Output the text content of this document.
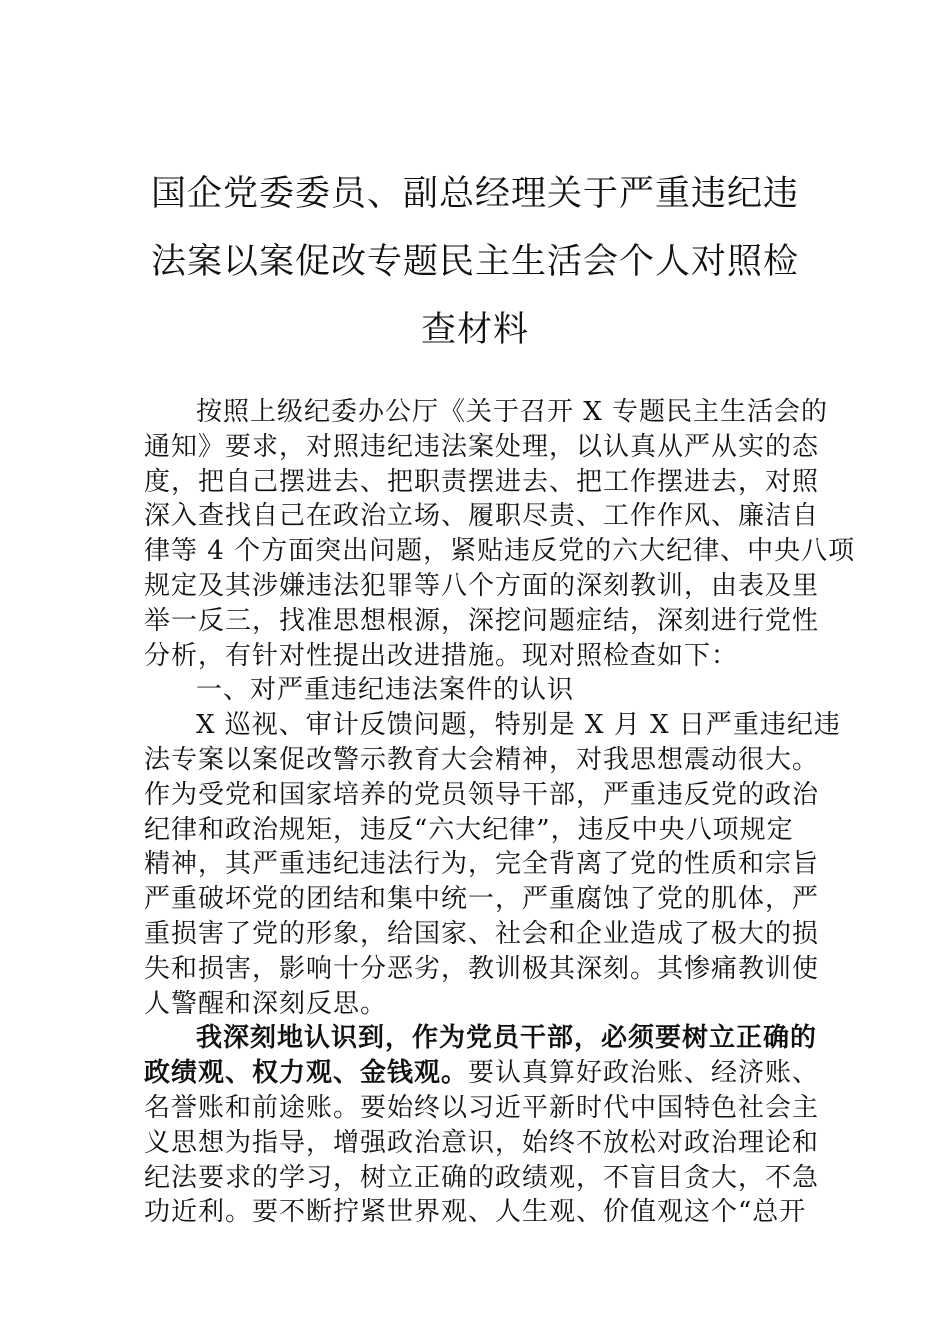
国企党委委员、副总经理关于严重违纪违
法案以案促改专题民主生活会个人对照检
查材料
按照上级纪委办公厅《关于召开 X 专题民主生活会的
通知》要求，对照违纪违法案处理，以认真从严从实的态
度，把自己摆进去、把职责摆进去、把工作摆进去，对照
深入查找自己在政治立场、履职尽责、工作作风、廉洁自
律等 4 个方面突出问题，紧贴违反党的六大纪律、中央八项
规定及其涉嫌违法犯罪等八个方面的深刻教训，由表及里
举一反三，找准思想根源，深挖问题症结，深刻进行党性
分析，有针对性提出改进措施。现对照检查如下：
一、对严重违纪违法案件的认识
X 巡视、审计反馈问题，特别是 X 月 X 日严重违纪违
法专案以案促改警示教育大会精神，对我思想震动很大。
作为受党和国家培养的党员领导干部，严重违反党的政治
纪律和政治规矩，违反“六大纪律”，违反中央八项规定
精神，其严重违纪违法行为，完全背离了党的性质和宗旨
严重破坏党的团结和集中统一，严重腐蚀了党的肌体，严
重损害了党的形象，给国家、社会和企业造成了极大的损
失和损害，影响十分恶劣，教训极其深刻。其惨痛教训使
人警醒和深刻反思。
我深刻地认识到，作为党员干部，必须要树立正确的
政绩观、权力观、金钱观。要认真算好政治账、经济账、
名誉账和前途账。要始终以习近平新时代中国特色社会主
义思想为指导，增强政治意识，始终不放松对政治理论和
纪法要求的学习，树立正确的政绩观，不盲目贪大，不急
功近利。要不断拧紧世界观、人生观、价值观这个“总开
